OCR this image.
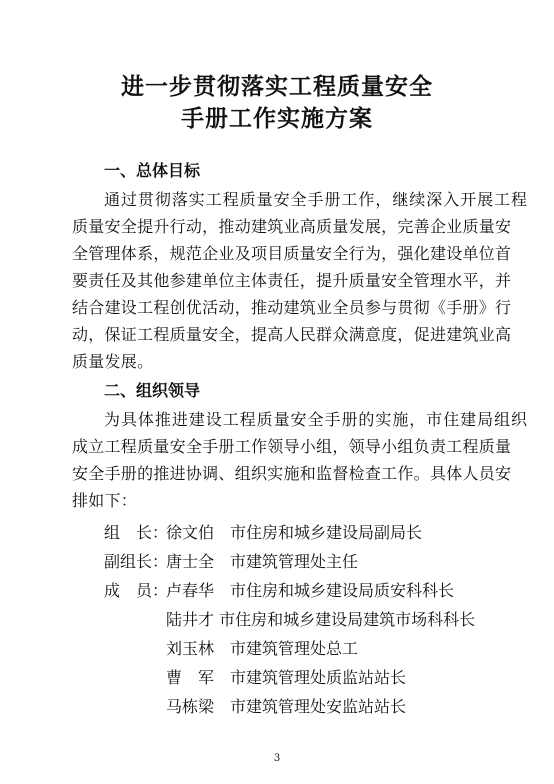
进一步贯彻落实工程质量安全
手册工作实施方案
一、总体目标
通过贯彻落实工程质量安全手册工作，继续深入开展工程
质量安全提升行动，推动建筑业高质量发展，完善企业质量安
全管理体系，规范企业及项目质量安全行为，强化建设单位首
要责任及其他参建单位主体责任，提升质量安全管理水平，并
结合建设工程创优活动，推动建筑业全员参与贯彻《手册》行
动，保证工程质量安全，提高人民群众满意度，促进建筑业高
质量发展。
二、组织领导
为具体推进建设工程质量安全手册的实施，市住建局组织
成立工程质量安全手册工作领导小组，领导小组负责工程质量
安全手册的推进协调、组织实施和监督检查工作。具体人员安
排如下：
组　长：
徐文伯　市住房和城乡建设局副局长
副组长：
唐士全　市建筑管理处主任
成　员：
卢春华　市住房和城乡建设局质安科科长
陆井才 市住房和城乡建设局建筑市场科科长
刘玉林　市建筑管理处总工
曹　军　市建筑管理处质监站站长
马栋梁　市建筑管理处安监站站长
3
